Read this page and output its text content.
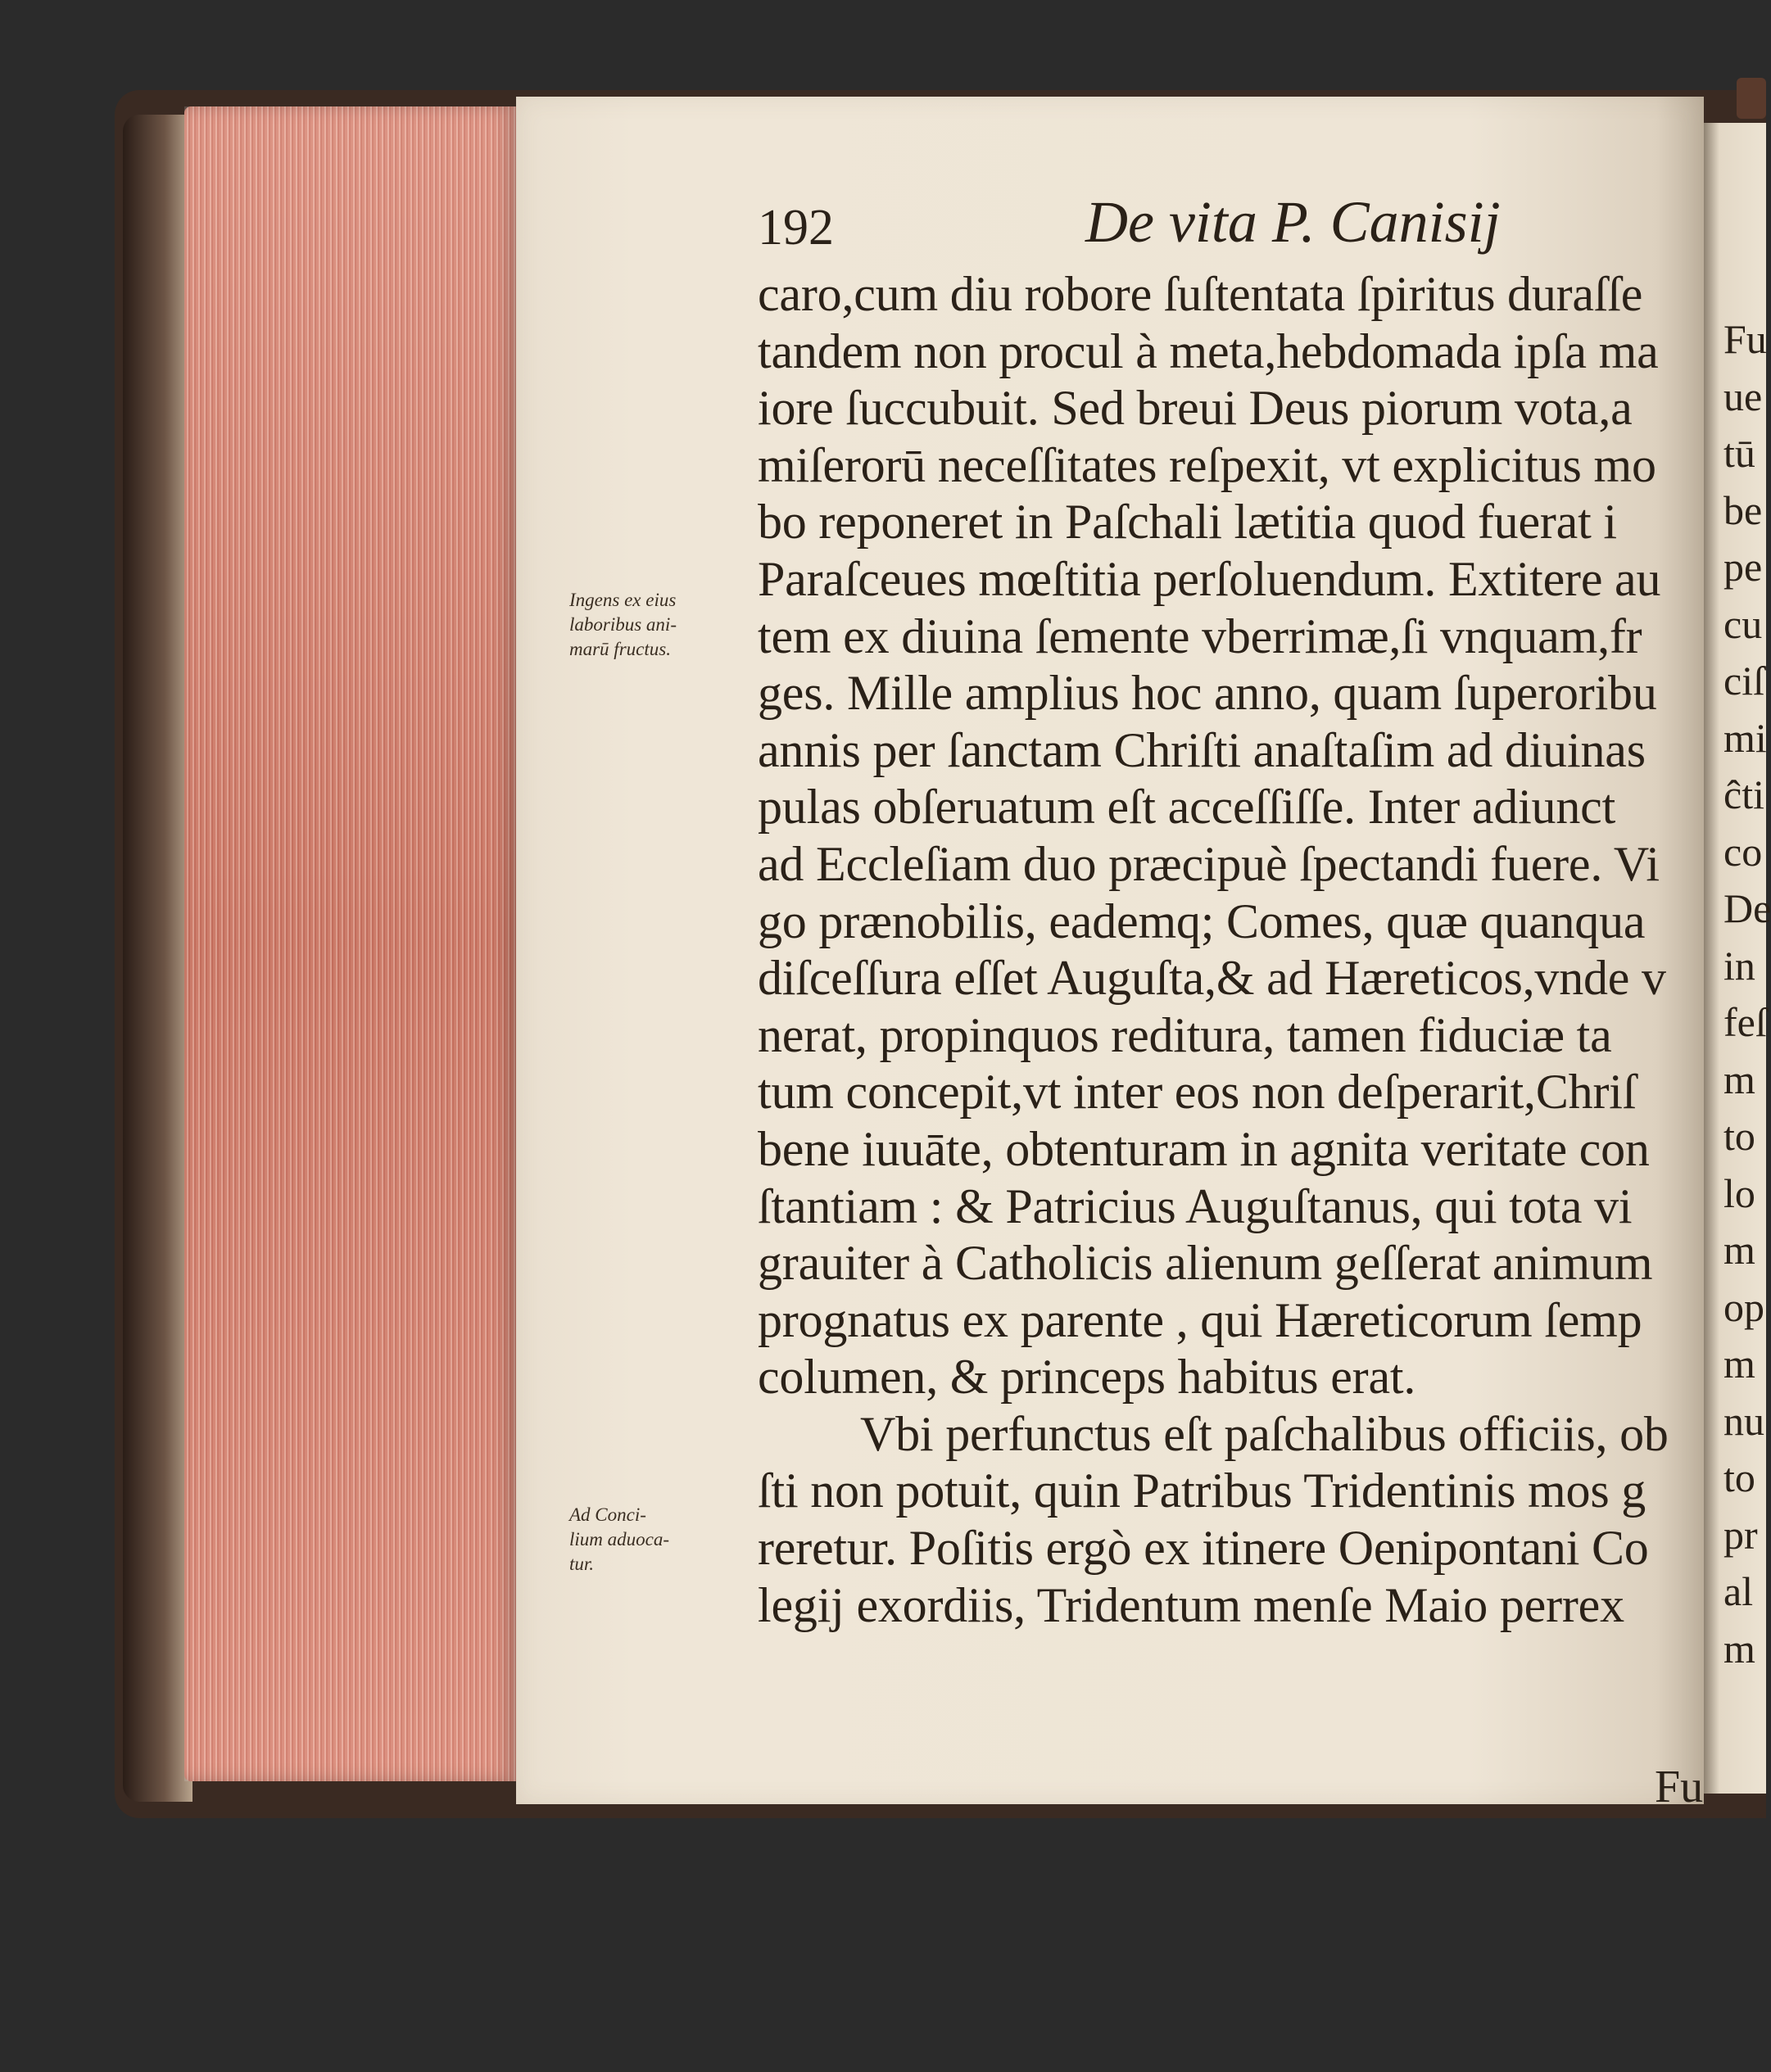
192	De vita P. Canisij
Ingens ex eius
laboribus ani-
marū fructus.
Ad Conci-
lium aduoca-
tur.
caro,cum diu robore ſuſtentata ſpiritus duraſſe
tandem non procul à meta,hebdomada ipſa ma
iore ſuccubuit. Sed breui Deus piorum vota,a
miſerorū neceſſitates reſpexit, vt explicitus mo
bo reponeret in Paſchali lætitia quod fuerat i
Paraſceues mœſtitia perſoluendum. Extitere au
tem ex diuina ſemente vberrimæ,ſi vnquam,fr
ges. Mille amplius hoc anno, quam ſuperoribu
annis per ſanctam Chriſti anaſtaſim ad diuinas
pulas obſeruatum eſt acceſſiſſe. Inter adiunct
ad Eccleſiam duo præcipuè ſpectandi fuere. Vi
go prænobilis, eademq; Comes, quæ quanqua
diſceſſura eſſet Auguſta,& ad Hæreticos,vnde v
nerat, propinquos reditura, tamen fiduciæ ta
tum concepit,vt inter eos non deſperarit,Chriſ
bene iuuāte, obtenturam in agnita veritate con
ſtantiam : & Patricius Auguſtanus, qui tota vi
grauiter à Catholicis alienum geſſerat animum
prognatus ex parente , qui Hæreticorum ſemp
columen, & princeps habitus erat.
Vbi perfunctus eſt paſchalibus officiis, ob
ſti non potuit, quin Patribus Tridentinis mos g
reretur. Poſitis ergò ex itinere Oenipontani Co
legij exordiis, Tridentum menſe Maio perrex
Fu
Fu
ue
tū
be
pe
cu
ciſ
mi
ĉti
co
De
in
feſ
m
to
lo
m
op
m
nu
to
pr
al
m
